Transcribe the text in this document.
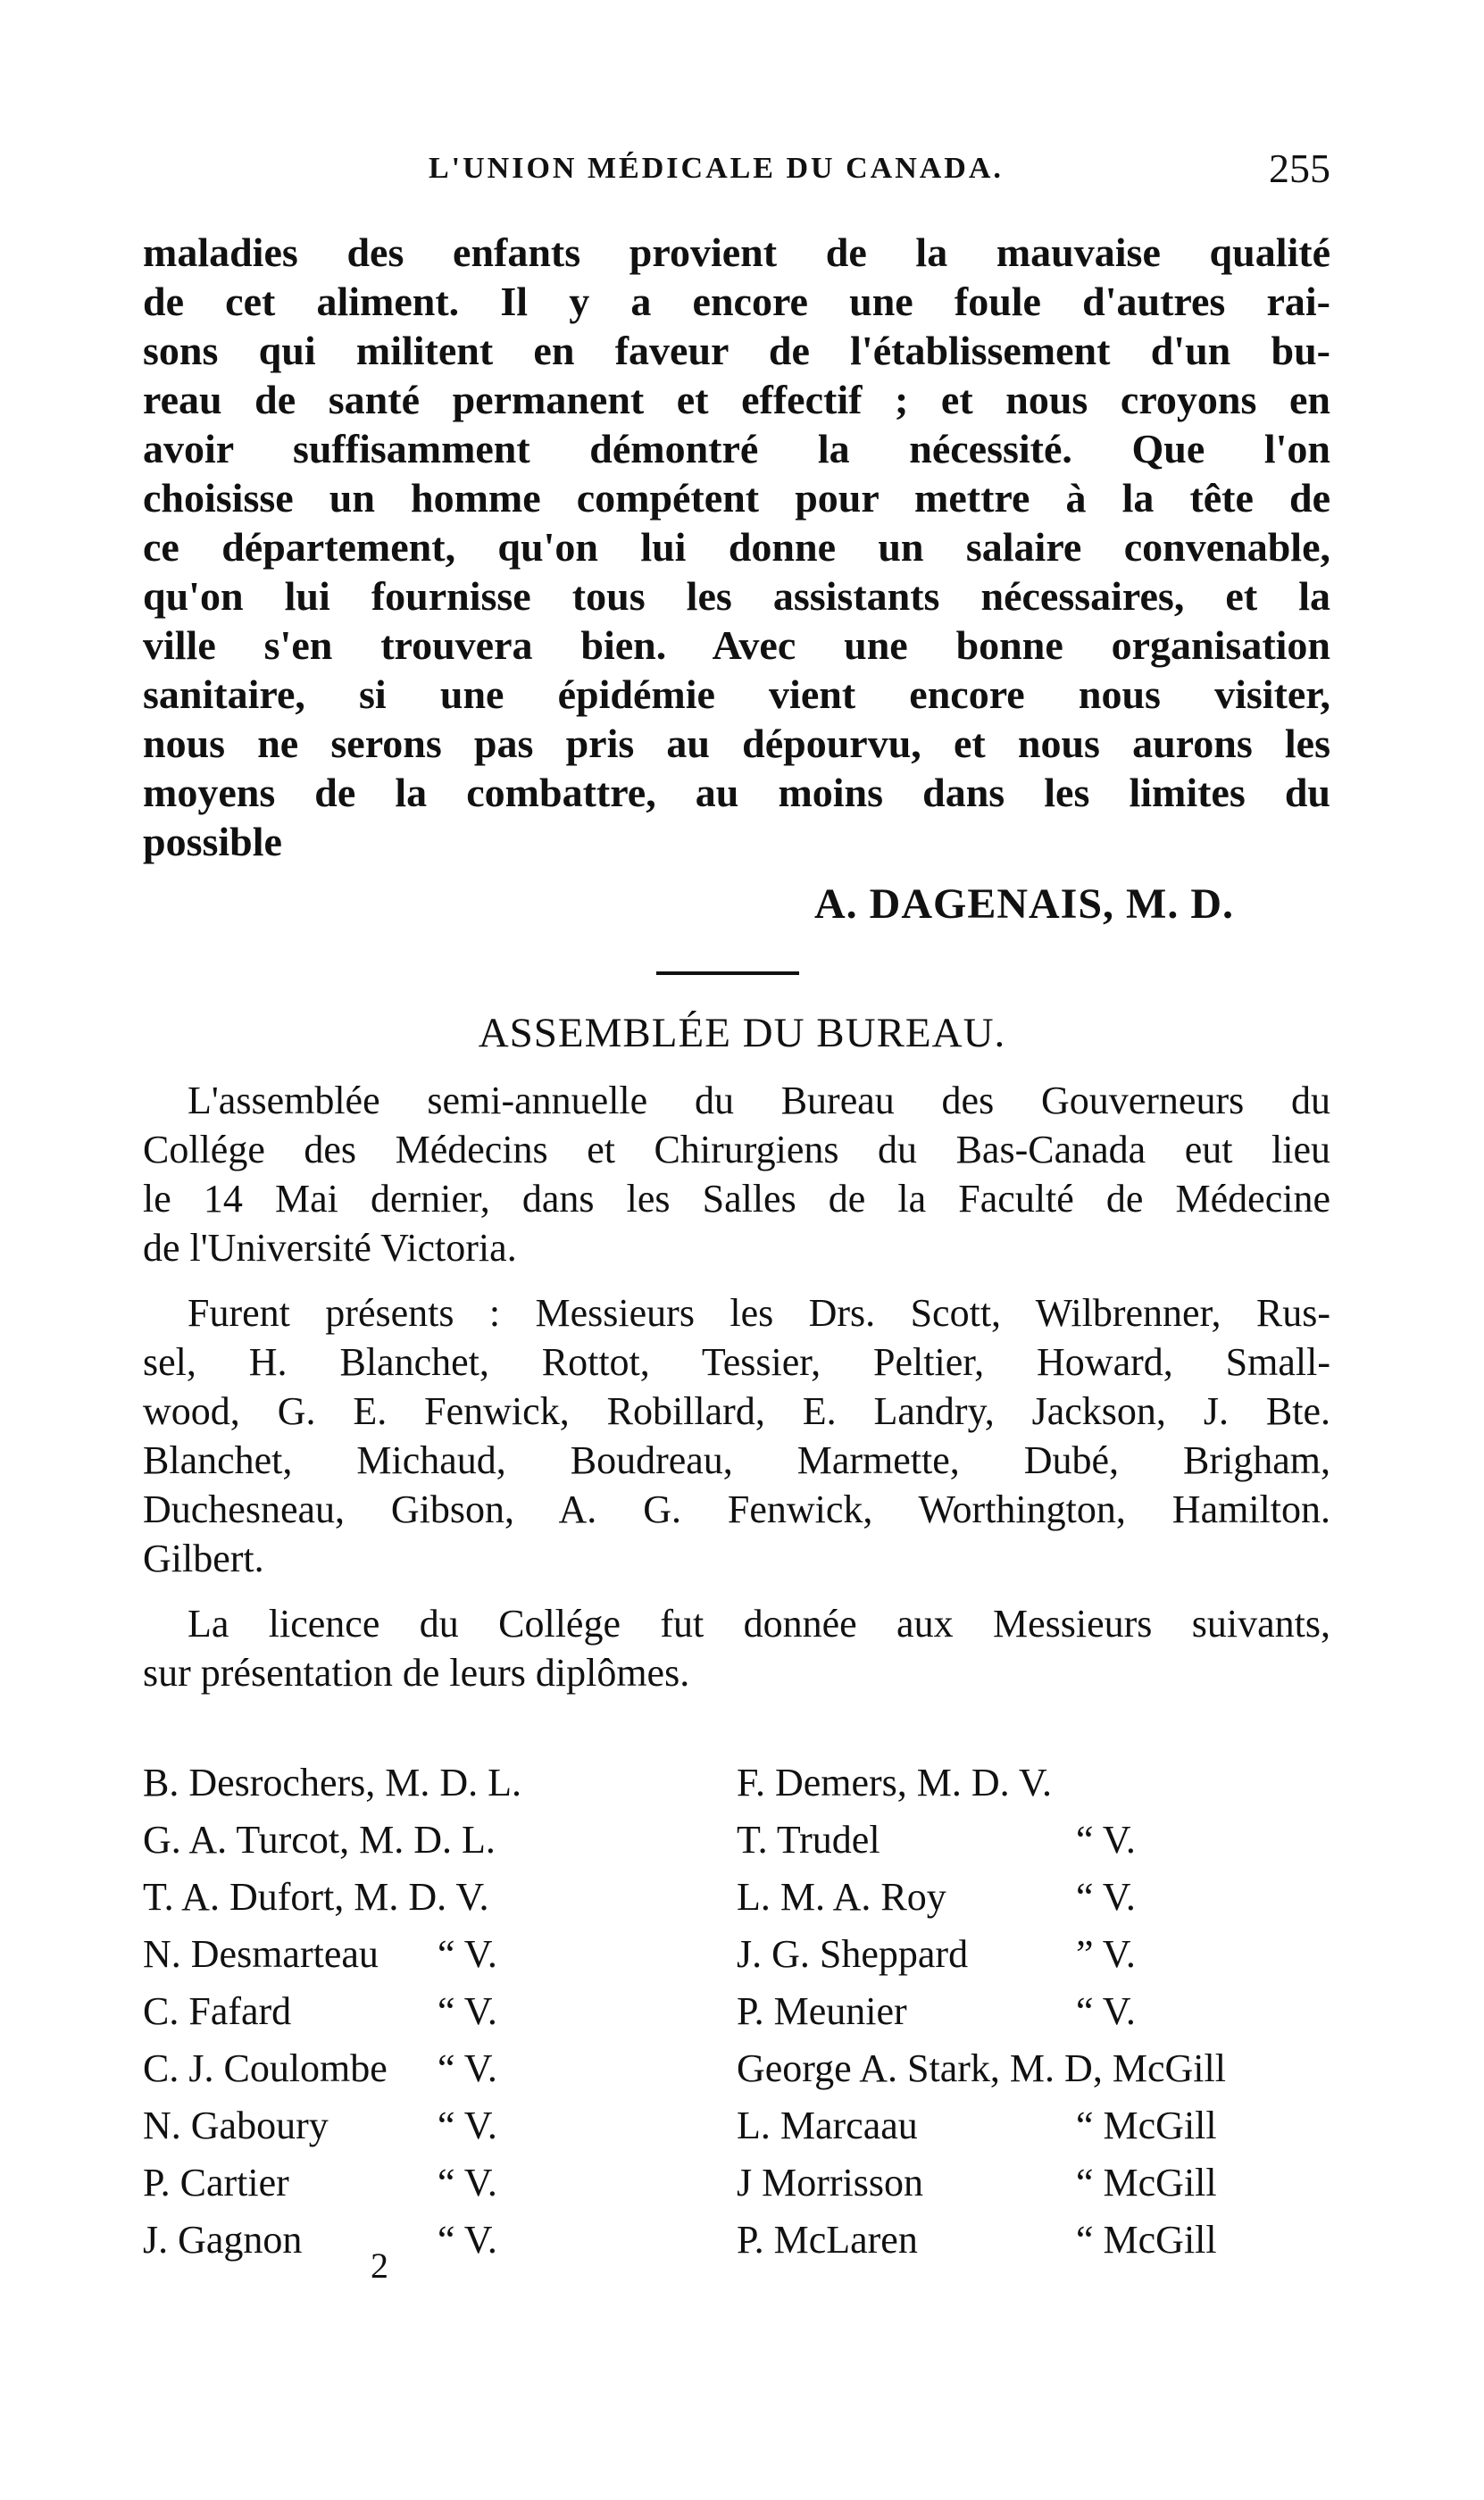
L'UNION MÉDICALE DU CANADA.	255

maladies des enfants provient de la mauvaise qualité

de cet aliment. Il y a encore une foule d'autres rai-

sons qui militent en faveur de l'établissement d'un bu-

reau de santé permanent et effectif ; et nous croyons en

avoir suffisamment démontré la nécessité. Que l'on

choisisse un homme compétent pour mettre à la tête de

ce département, qu'on lui donne un salaire convenable,

qu'on lui fournisse tous les assistants nécessaires, et la

ville s'en trouvera bien. Avec une bonne organisation

sanitaire, si une épidémie vient encore nous visiter,

nous ne serons pas pris au dépourvu, et nous aurons les

moyens de la combattre, au moins dans les limites du

possible

A. DAGENAIS, M. D.
ASSEMBLÉE DU BUREAU.

L'assemblée semi-annuelle du Bureau des Gouverneurs du

Collége des Médecins et Chirurgiens du Bas-Canada eut lieu

le 14 Mai dernier, dans les Salles de la Faculté de Médecine

de l'Université Victoria.

Furent présents : Messieurs les Drs. Scott, Wilbrenner, Rus-

sel, H. Blanchet, Rottot, Tessier, Peltier, Howard, Small-

wood, G. E. Fenwick, Robillard, E. Landry, Jackson, J. Bte.

Blanchet, Michaud, Boudreau, Marmette, Dubé, Brigham,

Duchesneau, Gibson, A. G. Fenwick, Worthington, Hamilton.

Gilbert.

La licence du Collége fut donnée aux Messieurs suivants,

sur présentation de leurs diplômes.

B. Desrochers, M. D. L.
G. A. Turcot, M. D. L.
T. A. Dufort, M. D. V.
N. Desmarteau “ V.
C. Fafard	“ V.
C. J. Coulombe “ V.
N. Gaboury	“ V.
P. Cartier	“ V.
J. Gagnon	“ V.
F. Demers, M. D. V.
T. Trudel	“ V.
L. M. A. Roy	“ V.
J. G. Sheppard	” V.
P. Meunier	“ V.
George A. Stark, M. D, McGill
L. Marcaau	“ McGill
J Morrisson	“ McGill
P. McLaren	“ McGill
2
